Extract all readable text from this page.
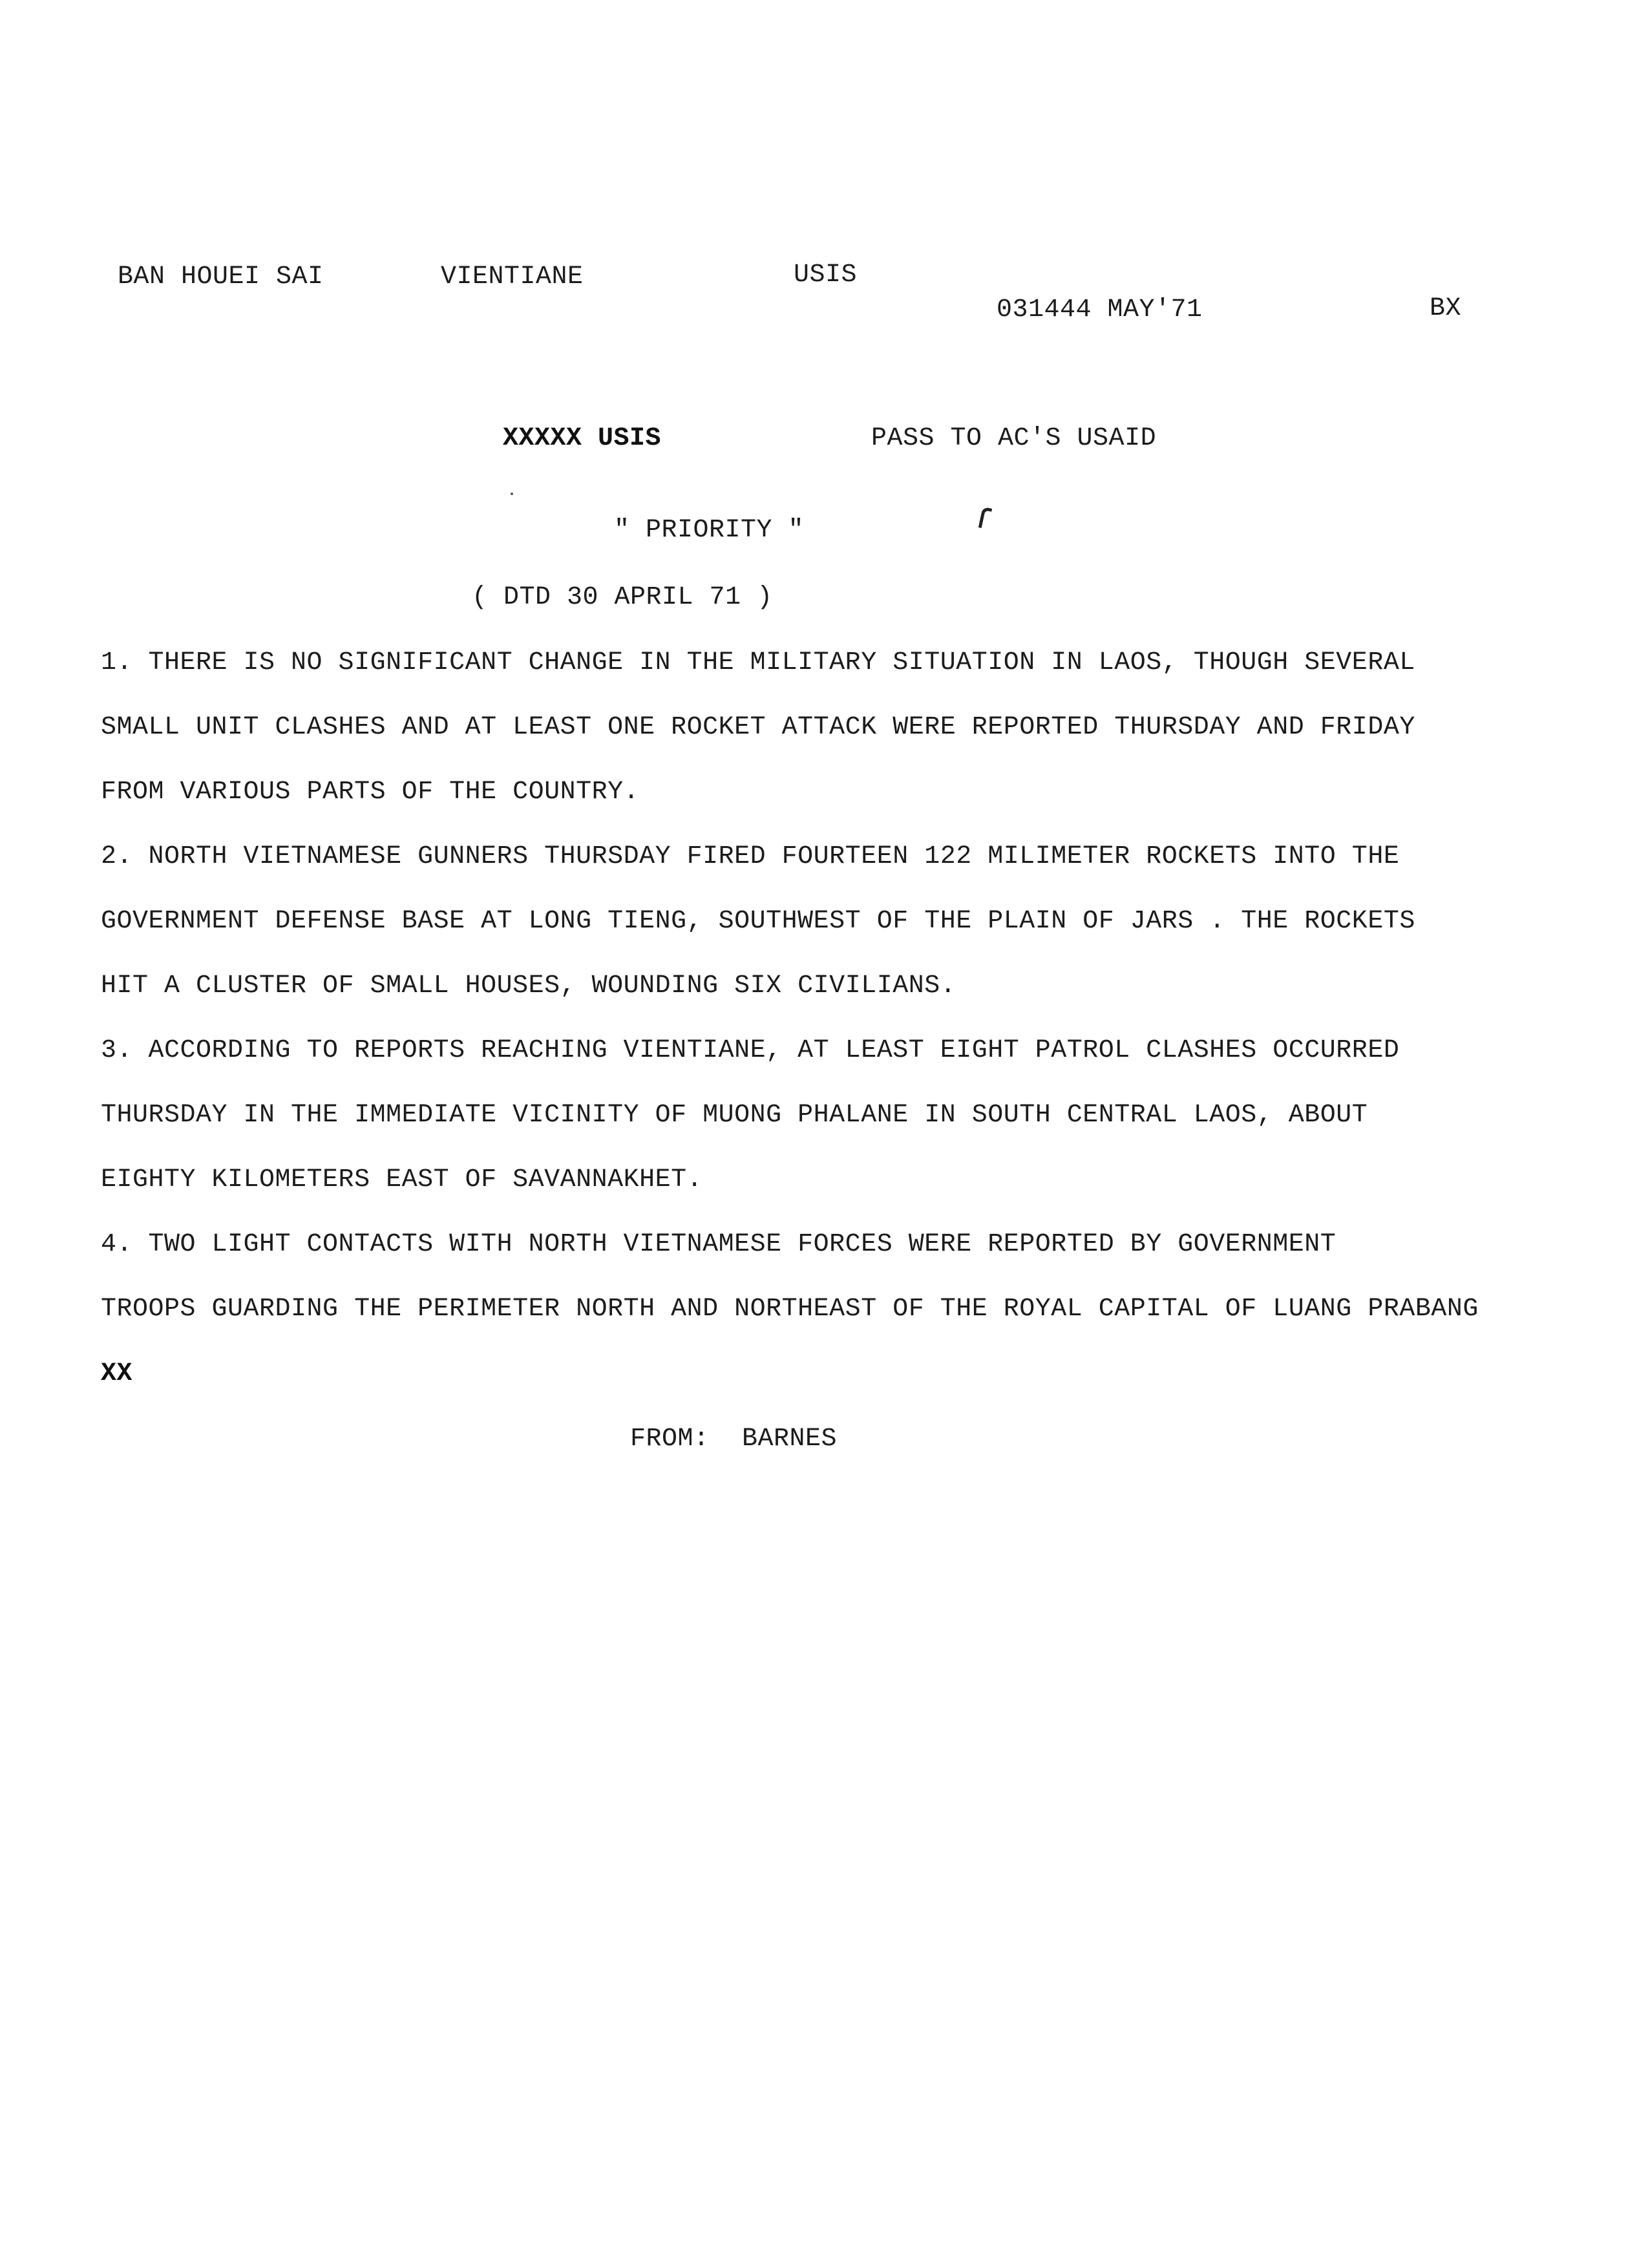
BAN HOUEI SAI	VIENTIANE	USIS
031444 MAY'71	BX
XXXXX USIS	PASS TO AC'S USAID
" PRIORITY "
( DTD 30 APRIL 71 )
1. THERE IS NO SIGNIFICANT CHANGE IN THE MILITARY SITUATION IN LAOS, THOUGH SEVERAL
SMALL UNIT CLASHES AND AT LEAST ONE ROCKET ATTACK WERE REPORTED THURSDAY AND FRIDAY
FROM VARIOUS PARTS OF THE COUNTRY.
2. NORTH VIETNAMESE GUNNERS THURSDAY FIRED FOURTEEN 122 MILIMETER ROCKETS INTO THE
GOVERNMENT DEFENSE BASE AT LONG TIENG, SOUTHWEST OF THE PLAIN OF JARS . THE ROCKETS
HIT A CLUSTER OF SMALL HOUSES, WOUNDING SIX CIVILIANS.
3. ACCORDING TO REPORTS REACHING VIENTIANE, AT LEAST EIGHT PATROL CLASHES OCCURRED
THURSDAY IN THE IMMEDIATE VICINITY OF MUONG PHALANE IN SOUTH CENTRAL LAOS, ABOUT
EIGHTY KILOMETERS EAST OF SAVANNAKHET.
4. TWO LIGHT CONTACTS WITH NORTH VIETNAMESE FORCES WERE REPORTED BY GOVERNMENT
TROOPS GUARDING THE PERIMETER NORTH AND NORTHEAST OF THE ROYAL CAPITAL OF LUANG PRABANG
XX
FROM: BARNES
